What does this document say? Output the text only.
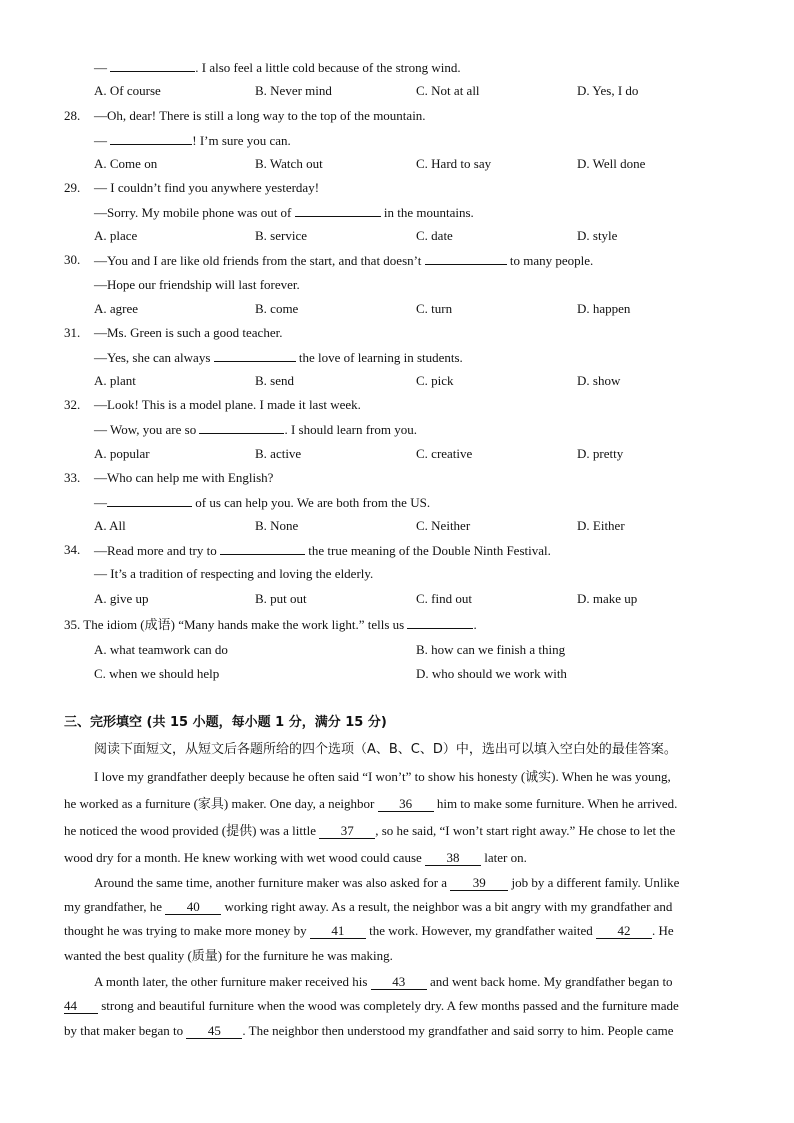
—	. I also feel a little cold because of the strong wind.
A. Of course	B. Never mind	C. Not at all	D. Yes, I do
28. —Oh, dear! There is still a long way to the top of the mountain.
—	! I’m sure you can.
A. Come on	B. Watch out	C. Hard to say	D. Well done
29. — I couldn’t find you anywhere yesterday!
—Sorry. My mobile phone was out of	in the mountains.
A. place	B. service	C. date	D. style
30. —You and I are like old friends from the start, and that doesn’t	to many people.
—Hope our friendship will last forever.
A. agree	B. come	C. turn	D. happen
31. —Ms. Green is such a good teacher.
—Yes, she can always	the love of learning in students.
A. plant	B. send	C. pick	D. show
32. —Look! This is a model plane. I made it last week.
— Wow, you are so	. I should learn from you.
A. popular	B. active	C. creative	D. pretty
33. —Who can help me with English?
—	of us can help you. We are both from the US.
A. All	B. None	C. Neither	D. Either
34. —Read more and try to	the true meaning of the Double Ninth Festival.
— It’s a tradition of respecting and loving the elderly.
A. give up	B. put out	C. find out	D. make up
35. The idiom (成语) “Many hands make the work light.” tells us	.
A. what teamwork can do	B. how can we finish a thing
C. when we should help	D. who should we work with
三、完形填空 (共 15 小题，每小题 1 分，满分 15 分)
阅读下面短文，从短文后各题所给的四个选项（A、B、C、D）中，选出可以填入空白处的最佳答案。
I love my grandfather deeply because he often said “I won’t” to show his honesty (诚实). When he was young,
he worked as a furniture (家具) maker. One day, a neighbor 36 him to make some furniture. When he arrived.
he noticed the wood provided (提供) was a little 37 , so he said, “I won’t start right away.” He chose to let the
wood dry for a month. He knew working with wet wood could cause 38 later on.
Around the same time, another furniture maker was also asked for a 39 job by a different family. Unlike
my grandfather, he 40 working right away. As a result, the neighbor was a bit angry with my grandfather and
thought he was trying to make more money by 41 the work. However, my grandfather waited 42 . He
wanted the best quality (质量) for the furniture he was making.
A month later, the other furniture maker received his 43 and went back home. My grandfather began to
44 strong and beautiful furniture when the wood was completely dry. A few months passed and the furniture made
by that maker began to 45 . The neighbor then understood my grandfather and said sorry to him. People came
